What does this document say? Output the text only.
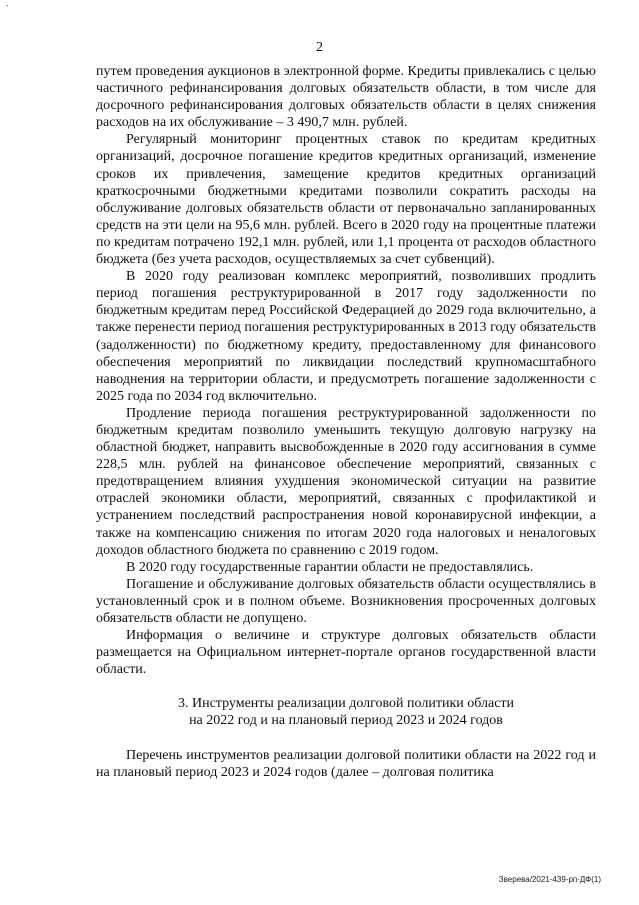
`
2

путем проведения аукционов в электронной форме. Кредиты привлекались с целью частичного рефинансирования долговых обязательств области, в том числе для досрочного рефинансирования долговых обязательств области в целях снижения расходов на их обслуживание – 3 490,7 млн. рублей.

Регулярный мониторинг процентных ставок по кредитам кредитных организаций, досрочное погашение кредитов кредитных организаций, изменение сроков их привлечения, замещение кредитов кредитных организаций краткосрочными бюджетными кредитами позволили сократить расходы на обслуживание долговых обязательств области от первоначально запланированных средств на эти цели на 95,6 млн. рублей. Всего в 2020 году на процентные платежи по кредитам потрачено 192,1 млн. рублей, или 1,1 процента от расходов областного бюджета (без учета расходов, осуществляемых за счет субвенций).

В 2020 году реализован комплекс мероприятий, позволивших продлить период погашения реструктурированной в 2017 году задолженности по бюджетным кредитам перед Российской Федерацией до 2029 года включительно, а также перенести период погашения реструктурированных в 2013 году обязательств (задолженности) по бюджетному кредиту, предоставленному для финансового обеспечения мероприятий по ликвидации последствий крупномасштабного наводнения на территории области, и предусмотреть погашение задолженности с 2025 года по 2034 год включительно.

Продление периода погашения реструктурированной задолженности по бюджетным кредитам позволило уменьшить текущую долговую нагрузку на областной бюджет, направить высвобожденные в 2020 году ассигнования в сумме 228,5 млн. рублей на финансовое обеспечение мероприятий, связанных с предотвращением влияния ухудшения экономической ситуации на развитие отраслей экономики области, мероприятий, связанных с профилактикой и устранением последствий распространения новой коронавирусной инфекции, а также на компенсацию снижения по итогам 2020 года налоговых и неналоговых доходов областного бюджета по сравнению с 2019 годом.

В 2020 году государственные гарантии области не предоставлялись.

Погашение и обслуживание долговых обязательств области осуществлялись в установленный срок и в полном объеме. Возникновения просроченных долговых обязательств области не допущено.

Информация о величине и структуре долговых обязательств области размещается на Официальном интернет-портале органов государственной власти области.

3. Инструменты реализации долговой политики области
на 2022 год и на плановый период 2023 и 2024 годов

Перечень инструментов реализации долговой политики области на 2022 год и на плановый период 2023 и 2024 годов (далее – долговая политика

Зверева/2021-439-рп-ДФ(1)
